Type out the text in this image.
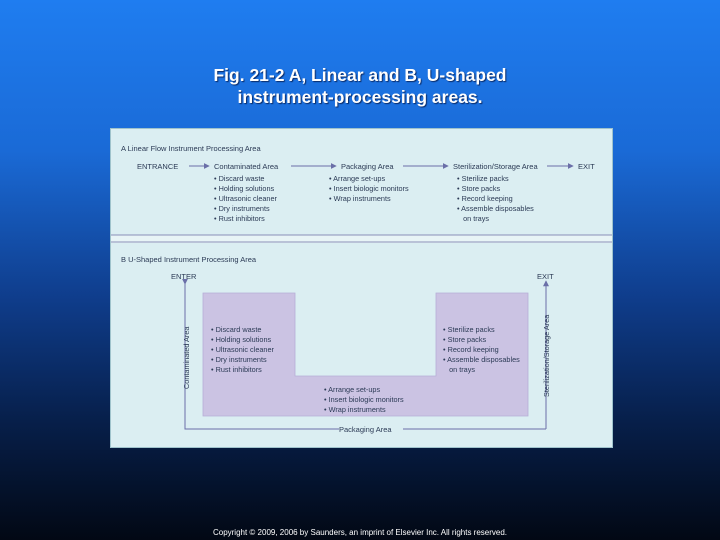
Fig. 21-2 A, Linear and B, U-shaped
instrument-processing areas.
A Linear Flow Instrument Processing Area
ENTRANCE	Contaminated Area	Packaging Area	Sterilization/Storage Area	EXIT
• Discard waste
• Holding solutions
• Ultrasonic cleaner
• Dry instruments
• Rust inhibitors
• Arrange set-ups
• Insert biologic monitors
• Wrap instruments
• Sterilize packs
• Store packs
• Record keeping
• Assemble disposables
on trays
B U-Shaped Instrument Processing Area
ENTER	EXIT
Contaminated Area	Sterilization/Storage Area
Packaging Area
• Discard waste
• Holding solutions
• Ultrasonic cleaner
• Dry instruments
• Rust inhibitors
• Arrange set-ups
• Insert biologic monitors
• Wrap instruments
• Sterilize packs
• Store packs
• Record keeping
• Assemble disposables
on trays
Copyright © 2009, 2006 by Saunders, an imprint of Elsevier Inc. All rights reserved.
